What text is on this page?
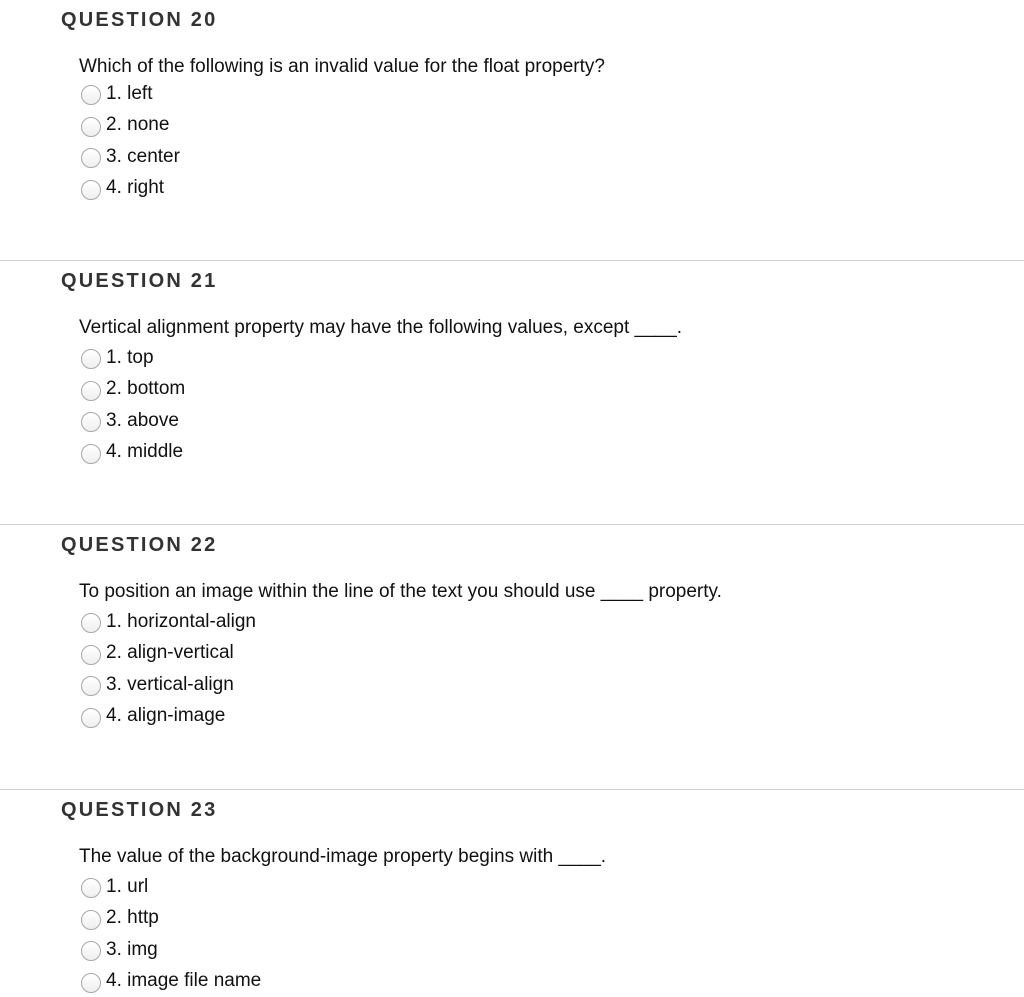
QUESTION 20

Which of the following is an invalid value for the float property?

1. left
2. none
3. center
4. right
QUESTION 21

Vertical alignment property may have the following values, except ____.

1. top
2. bottom
3. above
4. middle
QUESTION 22

To position an image within the line of the text you should use ____ property.

1. horizontal-align
2. align-vertical
3. vertical-align
4. align-image
QUESTION 23

The value of the background-image property begins with ____.

1. url
2. http
3. img
4. image file name
